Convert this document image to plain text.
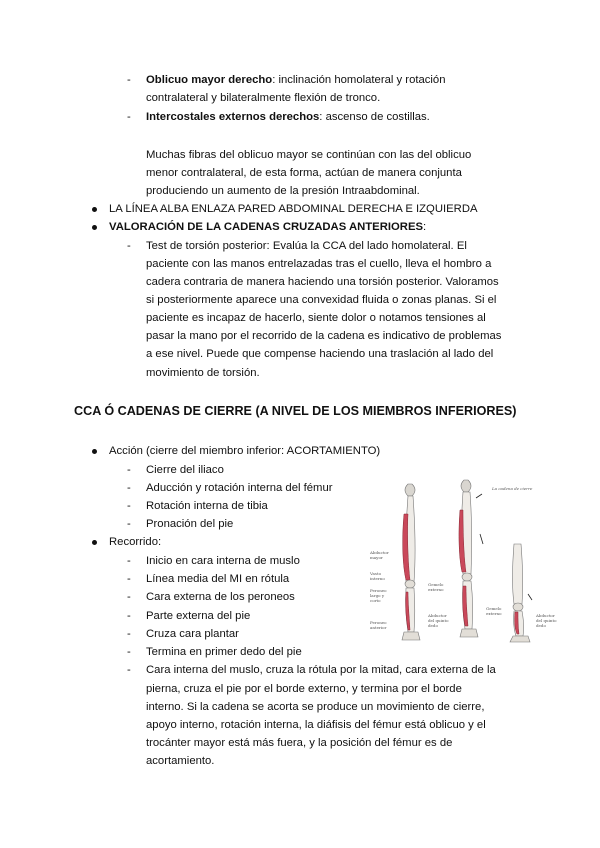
- Oblicuo mayor derecho: inclinación homolateral y rotación
contralateral y bilateralmente flexión de tronco.
- Intercostales externos derechos: ascenso de costillas.
Muchas fibras del oblicuo mayor se continúan con las del oblicuo
menor contralateral, de esta forma, actúan de manera conjunta
produciendo un aumento de la presión Intraabdominal.
LA LÍNEA ALBA ENLAZA PARED ABDOMINAL DERECHA E IZQUIERDA
VALORACIÓN DE LA CADENAS CRUZADAS ANTERIORES:
- Test de torsión posterior: Evalúa la CCA del lado homolateral. El
paciente con las manos entrelazadas tras el cuello, lleva el hombro a
cadera contraria de manera haciendo una torsión posterior. Valoramos
si posteriormente aparece una convexidad fluida o zonas planas. Si el
paciente es incapaz de hacerlo, siente dolor o notamos tensiones al
pasar la mano por el recorrido de la cadena es indicativo de problemas
a ese nivel. Puede que compense haciendo una traslación al lado del
movimiento de torsión.
CCA Ó CADENAS DE CIERRE (A NIVEL DE LOS MIEMBROS INFERIORES)
Acción (cierre del miembro inferior: ACORTAMIENTO)
- Cierre del iliaco
- Aducción y rotación interna del fémur
- Rotación interna de tibia
- Pronación del pie
Recorrido:
- Inicio en cara interna de muslo
- Línea media del MI en rótula
- Cara externa de los peroneos
- Parte externa del pie
- Cruza cara plantar
- Termina en primer dedo del pie
- Cara interna del muslo, cruza la rótula por la mitad, cara externa de la
pierna, cruza el pie por el borde externo, y termina por el borde
interno. Si la cadena se acorta se produce un movimiento de cierre,
apoyo interno, rotación interna, la diáfisis del fémur está oblicuo y el
trocánter mayor está más fuera, y la posición del fémur es de
acortamiento.
La cadena de cierre
Abductor
mayor
Vasto
interno
Peroneo
largo y
corto
Peroneo
anterior
Gemelo
externo
Abductor
del quinto
dedo
Gemelo
externo	Abductor
del quinto
dedo
